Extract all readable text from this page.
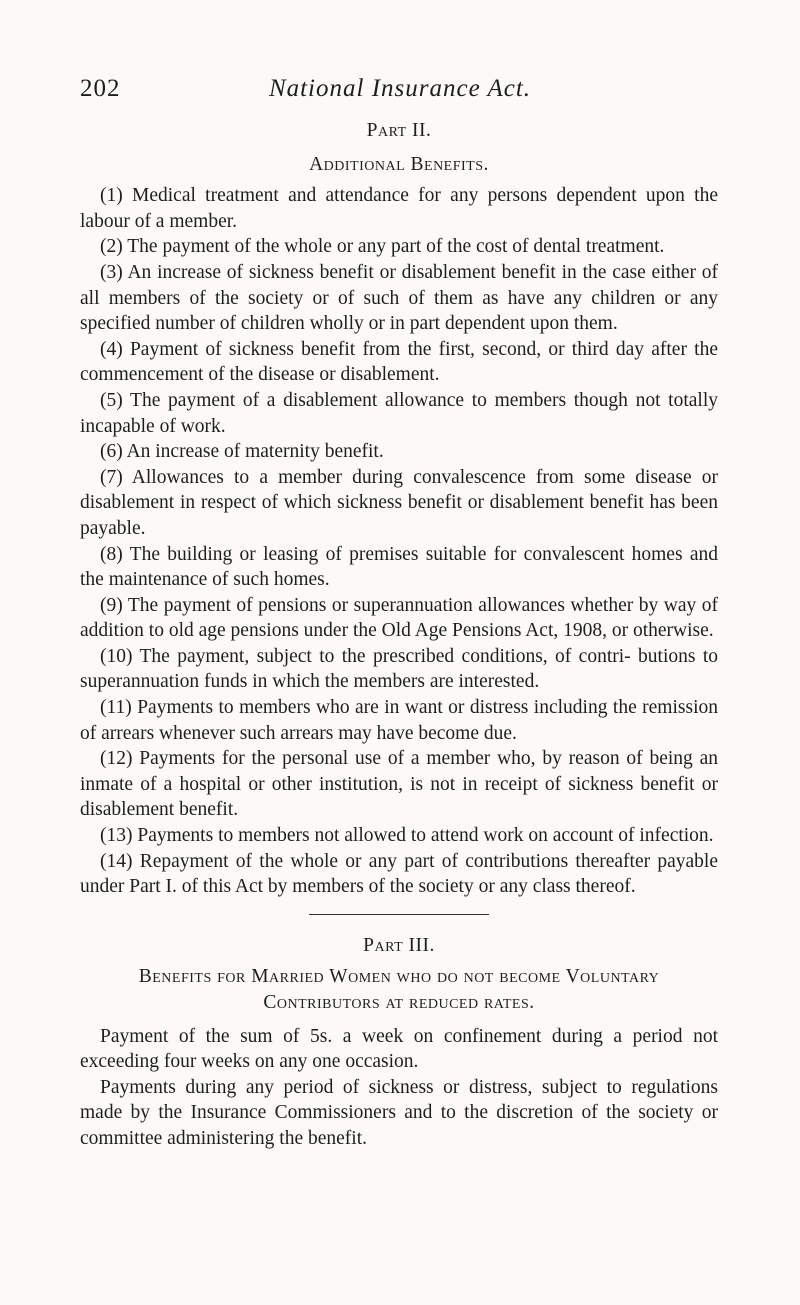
202	National Insurance Act.
Part II.
Additional Benefits.

(1) Medical treatment and attendance for any persons dependent upon the labour of a member.

(2) The payment of the whole or any part of the cost of dental treatment.

(3) An increase of sickness benefit or disablement benefit in the case either of all members of the society or of such of them as have any children or any specified number of children wholly or in part dependent upon them.

(4) Payment of sickness benefit from the first, second, or third day after the commencement of the disease or disablement.

(5) The payment of a disablement allowance to members though not totally incapable of work.

(6) An increase of maternity benefit.

(7) Allowances to a member during convalescence from some disease or disablement in respect of which sickness benefit or disablement benefit has been payable.

(8) The building or leasing of premises suitable for convalescent homes and the maintenance of such homes.

(9) The payment of pensions or superannuation allowances whether by way of addition to old age pensions under the Old Age Pensions Act, 1908, or otherwise.

(10) The payment, subject to the prescribed conditions, of contri- butions to superannuation funds in which the members are interested.

(11) Payments to members who are in want or distress including the remission of arrears whenever such arrears may have become due.

(12) Payments for the personal use of a member who, by reason of being an inmate of a hospital or other institution, is not in receipt of sickness benefit or disablement benefit.

(13) Payments to members not allowed to attend work on account of infection.

(14) Repayment of the whole or any part of contributions thereafter payable under Part I. of this Act by members of the society or any class thereof.

Part III.
Benefits for Married Women who do not become Voluntary Contributors at reduced rates.

Payment of the sum of 5s. a week on confinement during a period not exceeding four weeks on any one occasion.

Payments during any period of sickness or distress, subject to regulations made by the Insurance Commissioners and to the discretion of the society or committee administering the benefit.
